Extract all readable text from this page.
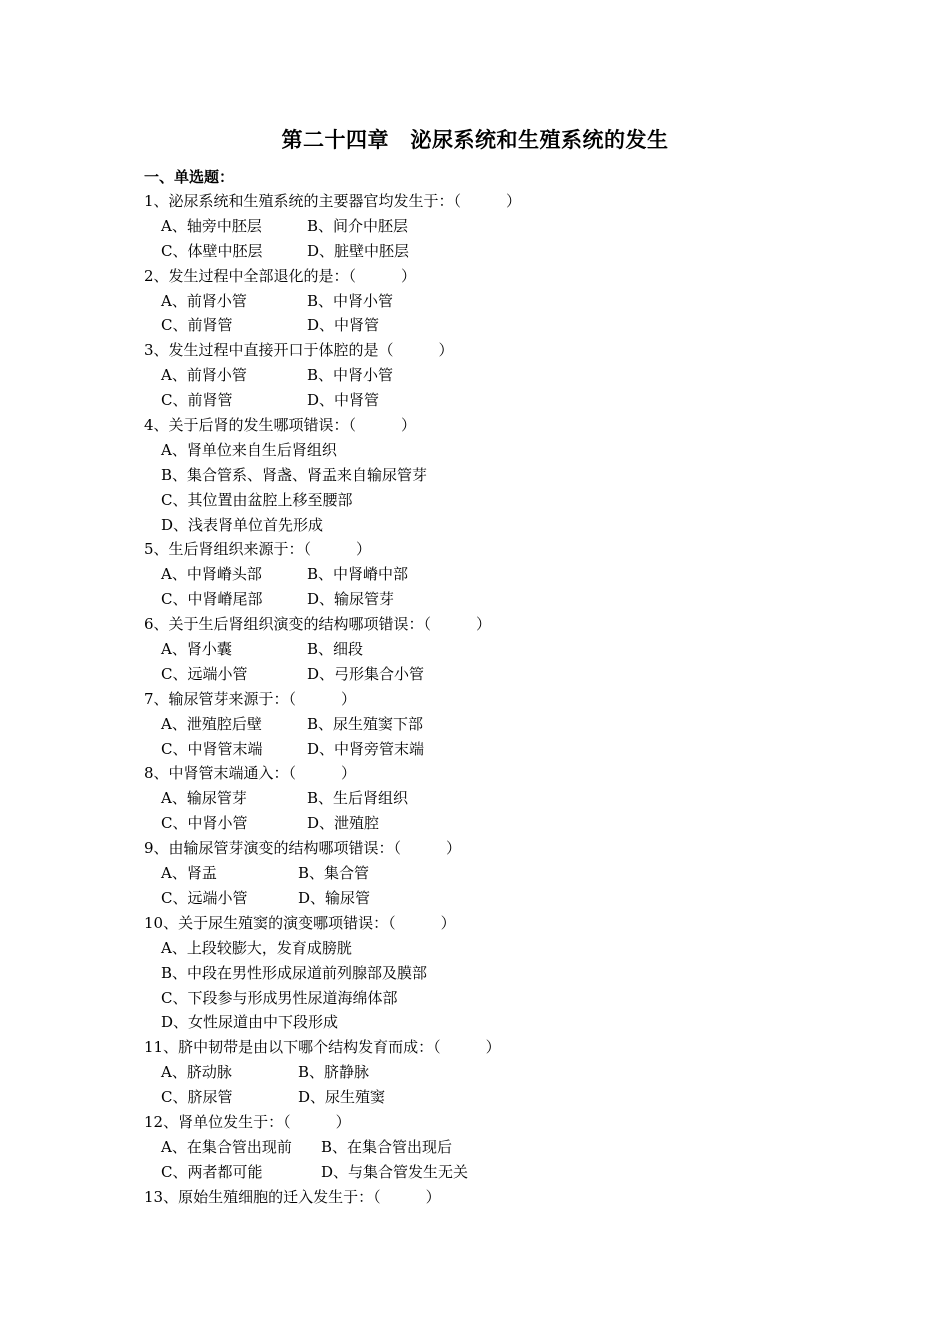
第二十四章　泌尿系统和生殖系统的发生
一、单选题：
1、泌尿系统和生殖系统的主要器官均发生于：（　　　）
A、轴旁中胚层	B、间介中胚层
C、体壁中胚层	D、脏壁中胚层
2、发生过程中全部退化的是：（　　　）
A、前肾小管	B、中肾小管
C、前肾管	D、中肾管
3、发生过程中直接开口于体腔的是（　　　）
A、前肾小管	B、中肾小管
C、前肾管	D、中肾管
4、关于后肾的发生哪项错误：（　　　）
A、肾单位来自生后肾组织
B、集合管系、肾盏、肾盂来自输尿管芽
C、其位置由盆腔上移至腰部
D、浅表肾单位首先形成
5、生后肾组织来源于：（　　　）
A、中肾嵴头部	B、中肾嵴中部
C、中肾嵴尾部	D、输尿管芽
6、关于生后肾组织演变的结构哪项错误：（　　　）
A、肾小囊	B、细段
C、远端小管	D、弓形集合小管
7、输尿管芽来源于：（　　　）
A、泄殖腔后壁	B、尿生殖窦下部
C、中肾管末端	D、中肾旁管末端
8、中肾管末端通入：（　　　）
A、输尿管芽	B、生后肾组织
C、中肾小管	D、泄殖腔
9、由输尿管芽演变的结构哪项错误：（　　　）
A、肾盂	B、集合管
C、远端小管	D、输尿管
10、关于尿生殖窦的演变哪项错误：（　　　）
A、上段较膨大，发育成膀胱
B、中段在男性形成尿道前列腺部及膜部
C、下段参与形成男性尿道海绵体部
D、女性尿道由中下段形成
11、脐中韧带是由以下哪个结构发育而成：（　　　）
A、脐动脉	B、脐静脉
C、脐尿管	D、尿生殖窦
12、肾单位发生于：（　　　）
A、在集合管出现前 B、在集合管出现后
C、两者都可能	D、与集合管发生无关
13、原始生殖细胞的迁入发生于：（　　　）
